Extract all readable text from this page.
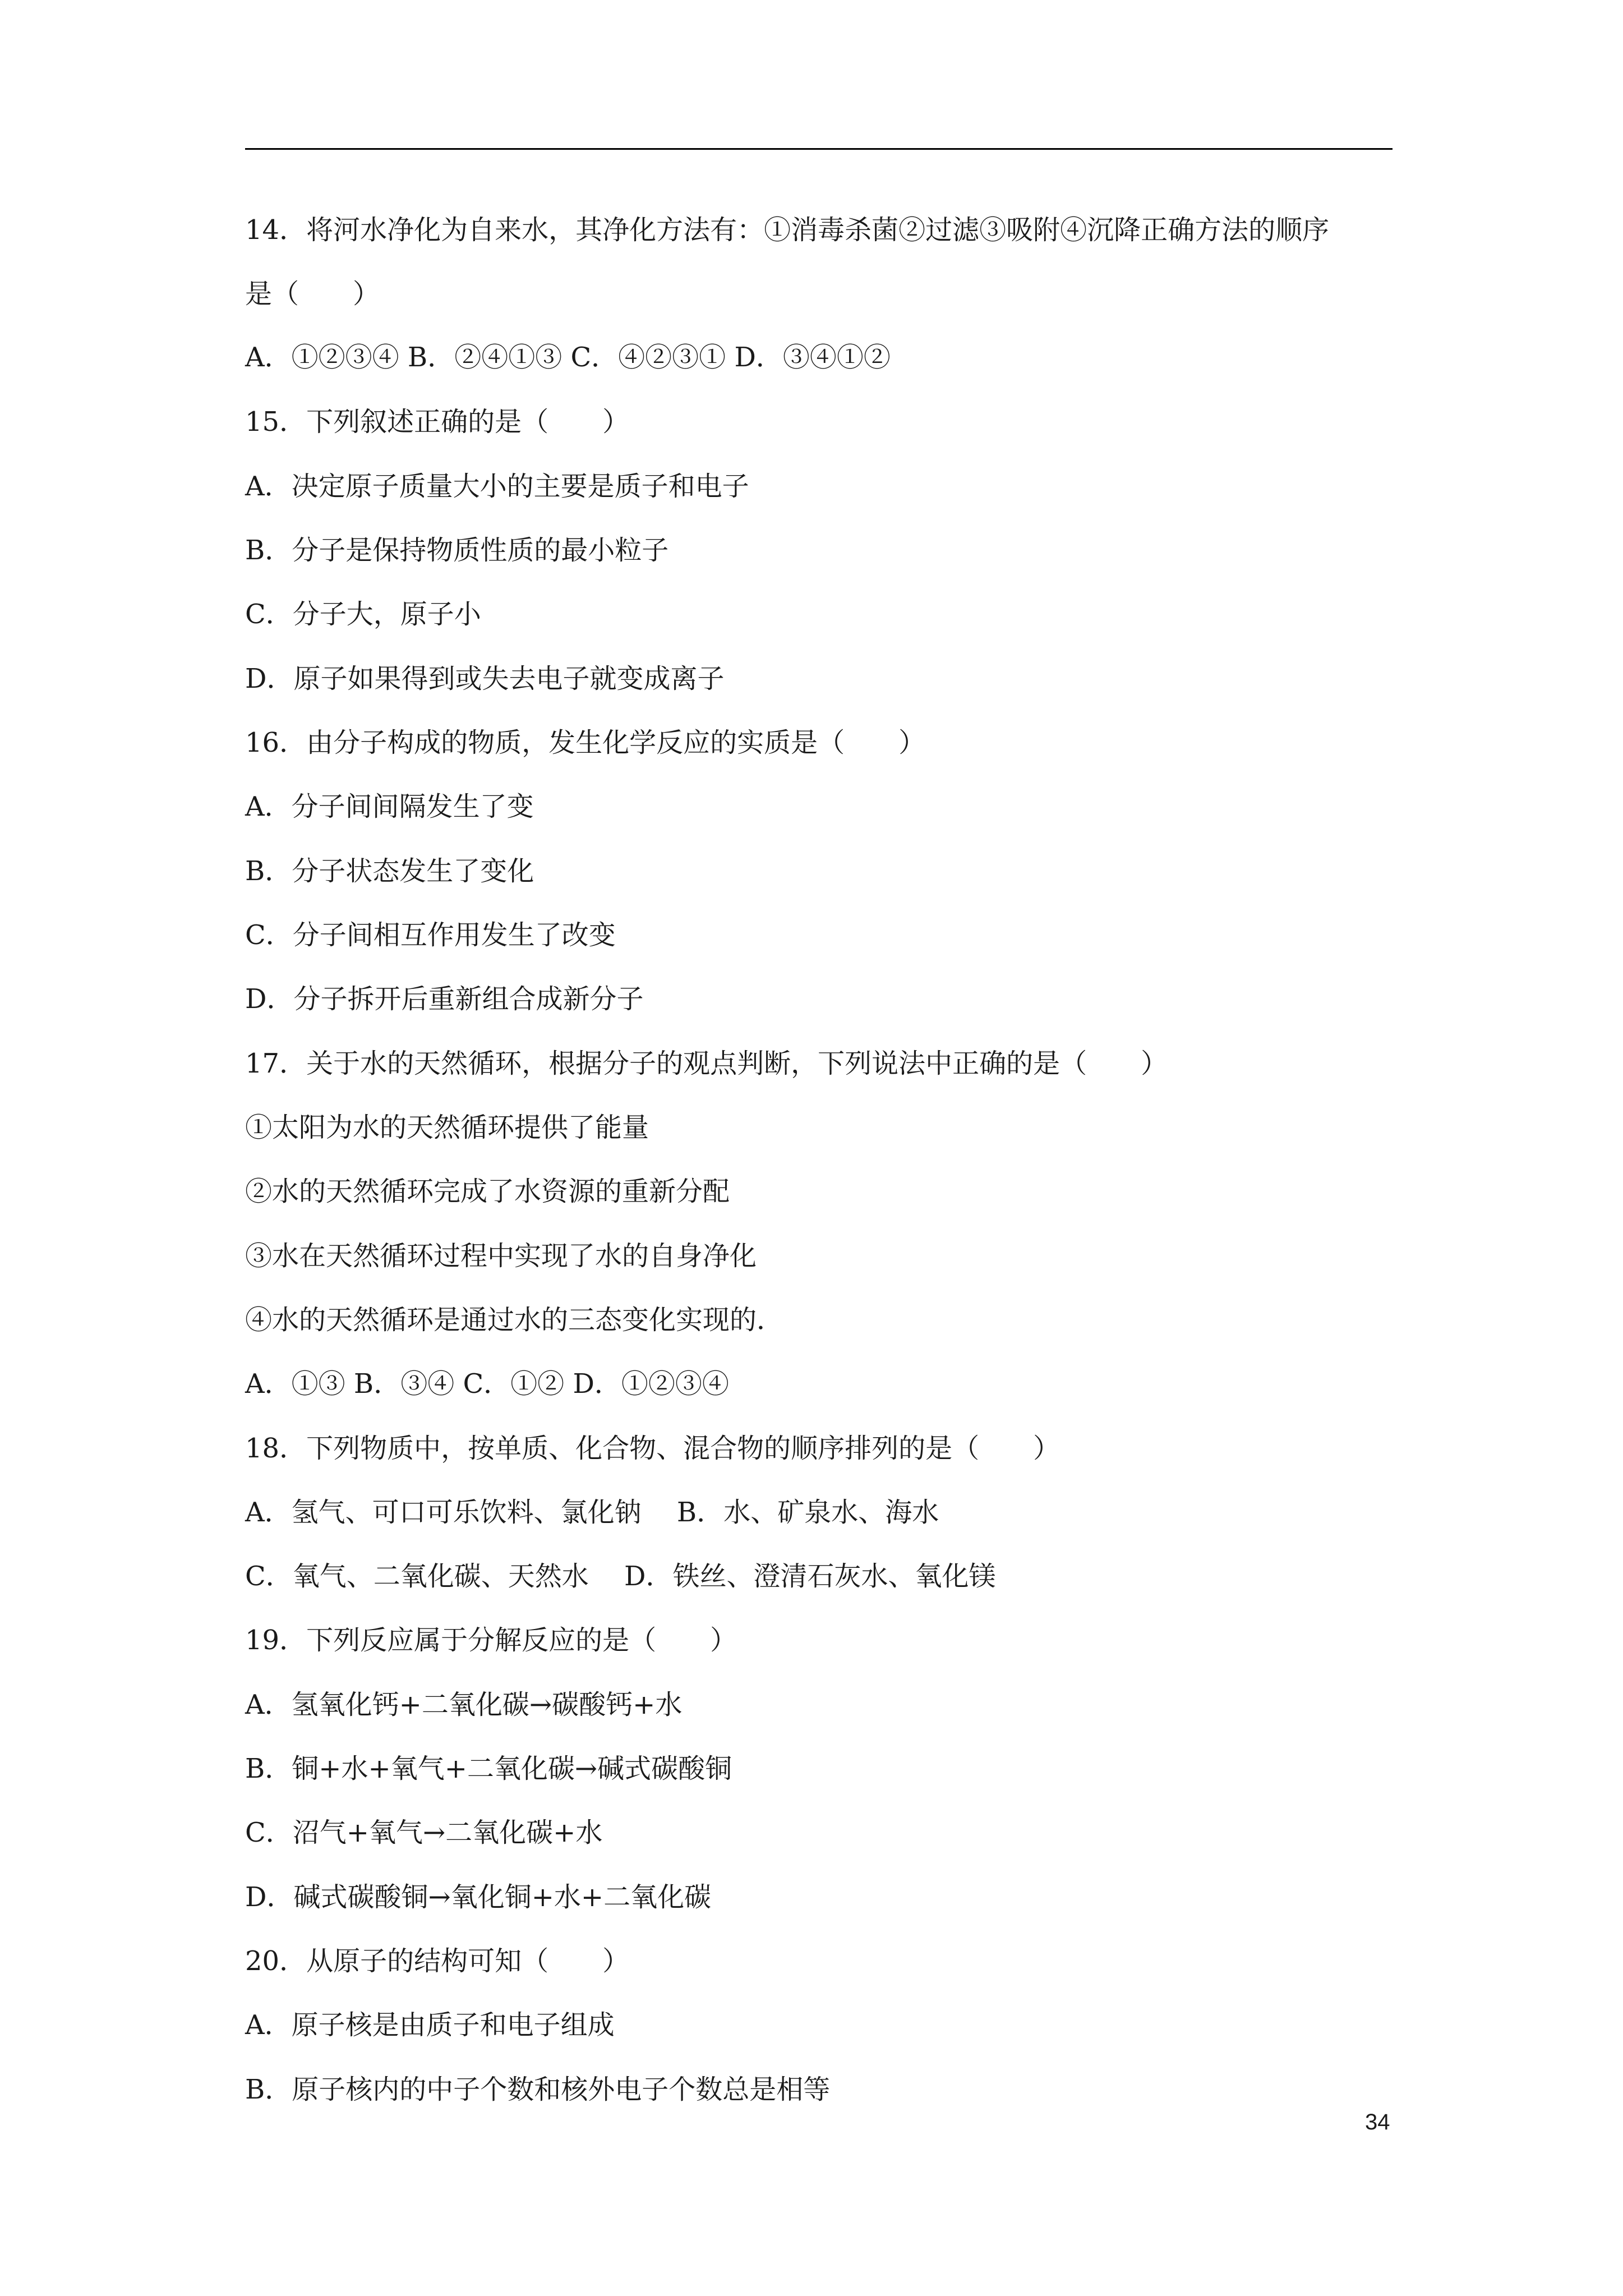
14．将河水净化为自来水，其净化方法有：①消毒杀菌②过滤③吸附④沉降正确方法的顺序
是（　　）
A．①②③④ B．②④①③ C．④②③① D．③④①②
15．下列叙述正确的是（　　）
A．决定原子质量大小的主要是质子和电子
B．分子是保持物质性质的最小粒子
C．分子大，原子小
D．原子如果得到或失去电子就变成离子
16．由分子构成的物质，发生化学反应的实质是（　　）
A．分子间间隔发生了变
B．分子状态发生了变化
C．分子间相互作用发生了改变
D．分子拆开后重新组合成新分子
17．关于水的天然循环，根据分子的观点判断，下列说法中正确的是（　　）
①太阳为水的天然循环提供了能量
②水的天然循环完成了水资源的重新分配
③水在天然循环过程中实现了水的自身净化
④水的天然循环是通过水的三态变化实现的．
A．①③ B．③④ C．①② D．①②③④
18．下列物质中，按单质、化合物、混合物的顺序排列的是（　　）
A．氢气、可口可乐饮料、氯化钠　 B．水、矿泉水、海水
C．氧气、二氧化碳、天然水　 D．铁丝、澄清石灰水、氧化镁
19．下列反应属于分解反应的是（　　）
A．氢氧化钙+二氧化碳→碳酸钙+水
B．铜+水+氧气+二氧化碳→碱式碳酸铜
C．沼气+氧气→二氧化碳+水
D．碱式碳酸铜→氧化铜+水+二氧化碳
20．从原子的结构可知（　　）
A．原子核是由质子和电子组成
B．原子核内的中子个数和核外电子个数总是相等
34
